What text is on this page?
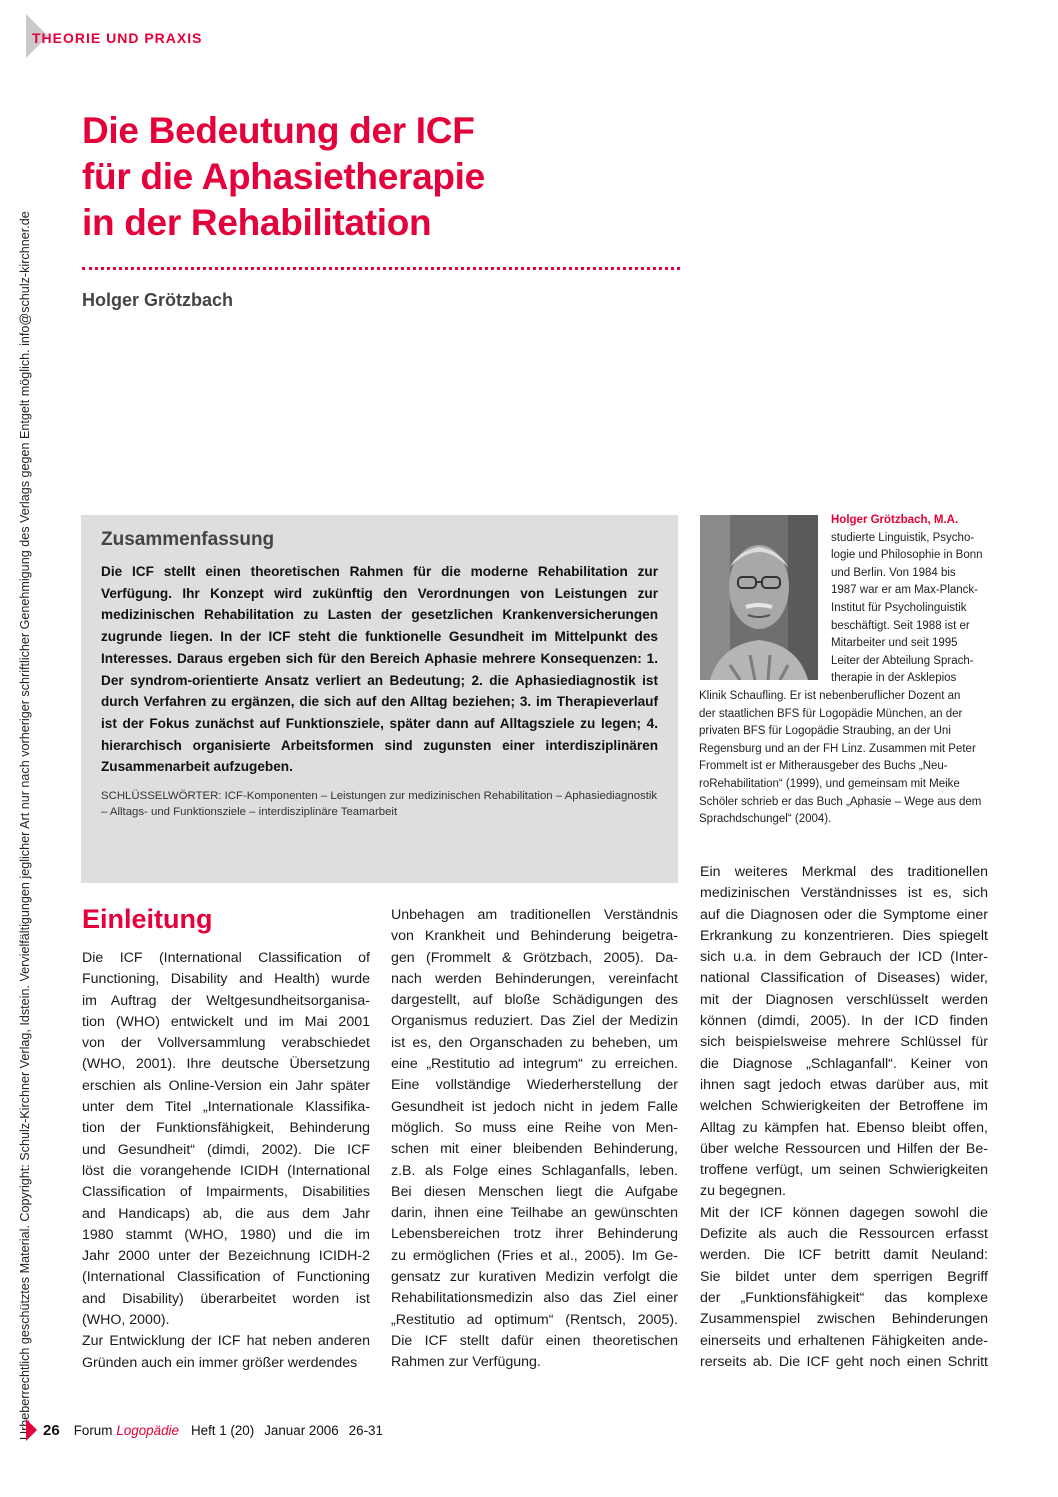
THEORIE UND PRAXIS
Urheberrechtlich geschütztes Material. Copyright: Schulz-Kirchner Verlag, Idstein. Vervielfältigungen jeglicher Art nur nach vorheriger schriftlicher Genehmigung des Verlags gegen Entgelt möglich. info@schulz-kirchner.de
Die Bedeutung der ICF
für die Aphasietherapie
in der Rehabilitation
Holger Grötzbach
Zusammenfassung

Die ICF stellt einen theoretischen Rahmen für die moderne Rehabilitation zur Verfügung. Ihr Konzept wird zukünftig den Verordnungen von Leistungen zur medizinischen Rehabilitation zu Lasten der gesetzlichen Krankenversicherungen zugrunde liegen. In der ICF steht die funktionelle Gesundheit im Mittelpunkt des Interesses. Daraus ergeben sich für den Bereich Aphasie mehrere Konsequenzen: 1. Der syndrom-orientierte Ansatz verliert an Bedeutung; 2. die Aphasiediagnostik ist durch Verfahren zu ergänzen, die sich auf den Alltag beziehen; 3. im Therapieverlauf ist der Fokus zunächst auf Funktionsziele, später dann auf Alltagsziele zu legen; 4. hierarchisch organisierte Arbeitsformen sind zugunsten einer interdisziplinären Zusammenarbeit aufzugeben.

SCHLÜSSELWÖRTER: ICF-Komponenten – Leistungen zur medizinischen Rehabilitation – Aphasiediagnostik – Alltags- und Funktionsziele – interdisziplinäre Teamarbeit

Holger Grötzbach, M.A.
studierte Linguistik, Psycho-
logie und Philosophie in Bonn
und Berlin. Von 1984 bis
1987 war er am Max-Planck-
Institut für Psycholinguistik
beschäftigt. Seit 1988 ist er
Mitarbeiter und seit 1995
Leiter der Abteilung Sprach-
therapie in der Asklepios
Klinik Schaufling. Er ist nebenberuflicher Dozent an
der staatlichen BFS für Logopädie München, an der
privaten BFS für Logopädie Straubing, an der Uni
Regensburg und an der FH Linz. Zusammen mit Peter
Frommelt ist er Mitherausgeber des Buchs „Neu-
roRehabilitation“ (1999), und gemeinsam mit Meike
Schöler schrieb er das Buch „Aphasie – Wege aus dem
Sprachdschungel“ (2004).
Einleitung
Die ICF (International Classification of
Functioning, Disability and Health) wurde
im Auftrag der Weltgesundheitsorganisa-
tion (WHO) entwickelt und im Mai 2001
von der Vollversammlung verabschiedet
(WHO, 2001). Ihre deutsche Übersetzung
erschien als Online-Version ein Jahr später
unter dem Titel „Internationale Klassifika-
tion der Funktionsfähigkeit, Behinderung
und Gesundheit“ (dimdi, 2002). Die ICF
löst die vorangehende ICIDH (International
Classification of Impairments, Disabilities
and Handicaps) ab, die aus dem Jahr
1980 stammt (WHO, 1980) und die im
Jahr 2000 unter der Bezeichnung ICIDH-2
(International Classification of Functioning
and Disability) überarbeitet worden ist
(WHO, 2000).
Zur Entwicklung der ICF hat neben anderen
Gründen auch ein immer größer werdendes
Unbehagen am traditionellen Verständnis
von Krankheit und Behinderung beigetra-
gen (Frommelt & Grötzbach, 2005). Da-
nach werden Behinderungen, vereinfacht
dargestellt, auf bloße Schädigungen des
Organismus reduziert. Das Ziel der Medizin
ist es, den Organschaden zu beheben, um
eine „Restitutio ad integrum“ zu erreichen.
Eine vollständige Wiederherstellung der
Gesundheit ist jedoch nicht in jedem Falle
möglich. So muss eine Reihe von Men-
schen mit einer bleibenden Behinderung,
z.B. als Folge eines Schlaganfalls, leben.
Bei diesen Menschen liegt die Aufgabe
darin, ihnen eine Teilhabe an gewünschten
Lebensbereichen trotz ihrer Behinderung
zu ermöglichen (Fries et al., 2005). Im Ge-
gensatz zur kurativen Medizin verfolgt die
Rehabilitationsmedizin also das Ziel einer
„Restitutio ad optimum“ (Rentsch, 2005).
Die ICF stellt dafür einen theoretischen
Rahmen zur Verfügung.
Ein weiteres Merkmal des traditionellen
medizinischen Verständnisses ist es, sich
auf die Diagnosen oder die Symptome einer
Erkrankung zu konzentrieren. Dies spiegelt
sich u.a. in dem Gebrauch der ICD (Inter-
national Classification of Diseases) wider,
mit der Diagnosen verschlüsselt werden
können (dimdi, 2005). In der ICD finden
sich beispielsweise mehrere Schlüssel für
die Diagnose „Schlaganfall“. Keiner von
ihnen sagt jedoch etwas darüber aus, mit
welchen Schwierigkeiten der Betroffene im
Alltag zu kämpfen hat. Ebenso bleibt offen,
über welche Ressourcen und Hilfen der Be-
troffene verfügt, um seinen Schwierigkeiten
zu begegnen.
Mit der ICF können dagegen sowohl die
Defizite als auch die Ressourcen erfasst
werden. Die ICF betritt damit Neuland:
Sie bildet unter dem sperrigen Begriff
der „Funktionsfähigkeit“ das komplexe
Zusammenspiel zwischen Behinderungen
einerseits und erhaltenen Fähigkeiten ande-
rerseits ab. Die ICF geht noch einen Schritt
26 Forum Logopädie Heft 1 (20) Januar 2006 26-31
